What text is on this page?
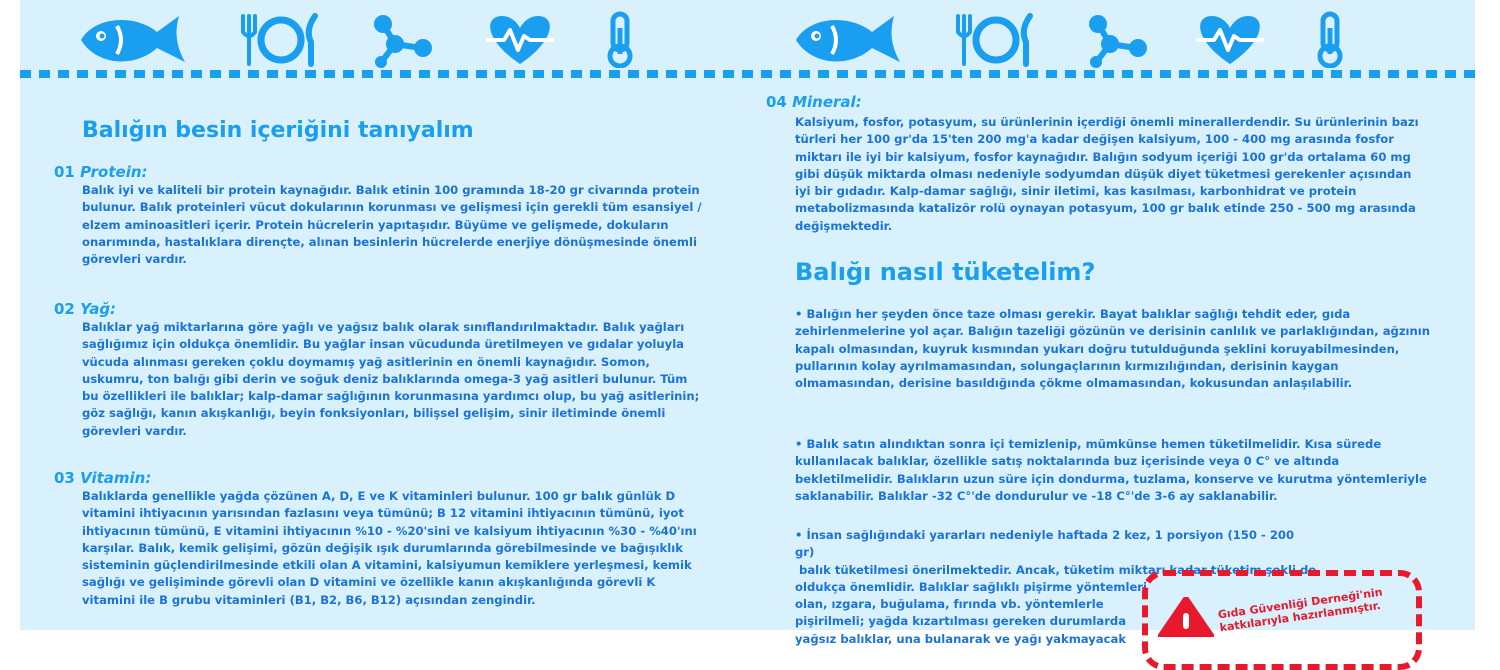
Balığın besin içeriğini tanıyalım
01 Protein:

Balık iyi ve kaliteli bir protein kaynağıdır. Balık etinin 100 gramında 18-20 gr civarında protein bulunur. Balık proteinleri vücut dokularının korunması ve gelişmesi için gerekli tüm esansiyel / elzem aminoasitleri içerir. Protein hücrelerin yapıtaşıdır. Büyüme ve gelişmede, dokuların onarımında, hastalıklara dirençte, alınan besinlerin hücrelerde enerjiye dönüşmesinde önemli görevleri vardır.

02 Yağ:

Balıklar yağ miktarlarına göre yağlı ve yağsız balık olarak sınıflandırılmaktadır. Balık yağları sağlığımız için oldukça önemlidir. Bu yağlar insan vücudunda üretilmeyen ve gıdalar yoluyla vücuda alınması gereken çoklu doymamış yağ asitlerinin en önemli kaynağıdır. Somon, uskumru, ton balığı gibi derin ve soğuk deniz balıklarında omega-3 yağ asitleri bulunur. Tüm bu özellikleri ile balıklar; kalp-damar sağlığının korunmasına yardımcı olup, bu yağ asitlerinin; göz sağlığı, kanın akışkanlığı, beyin fonksiyonları, bilişsel gelişim, sinir iletiminde önemli görevleri vardır.

03 Vitamin:

Balıklarda genellikle yağda çözünen A, D, E ve K vitaminleri bulunur. 100 gr balık günlük D vitamini ihtiyacının yarısından fazlasını veya tümünü; B 12 vitamini ihtiyacının tümünü, iyot ihtiyacının tümünü, E vitamini ihtiyacının %10 - %20'sini ve kalsiyum ihtiyacının %30 - %40'ını karşılar. Balık, kemik gelişimi, gözün değişik ışık durumlarında görebilmesinde ve bağışıklık sisteminin güçlendirilmesinde etkili olan A vitamini, kalsiyumun kemiklere yerleşmesi, kemik sağlığı ve gelişiminde görevli olan D vitamini ve özellikle kanın akışkanlığında görevli K vitamini ile B grubu vitaminleri (B1, B2, B6, B12) açısından zengindir.

04 Mineral:

Kalsiyum, fosfor, potasyum, su ürünlerinin içerdiği önemli minerallerdendir. Su ürünlerinin bazı türleri her 100 gr'da 15'ten 200 mg'a kadar değişen kalsiyum, 100 - 400 mg arasında fosfor miktarı ile iyi bir kalsiyum, fosfor kaynağıdır. Balığın sodyum içeriği 100 gr'da ortalama 60 mg gibi düşük miktarda olması nedeniyle sodyumdan düşük diyet tüketmesi gerekenler açısından iyi bir gıdadır. Kalp-damar sağlığı, sinir iletimi, kas kasılması, karbonhidrat ve protein metabolizmasında katalizör rolü oynayan potasyum, 100 gr balık etinde 250 - 500 mg arasında değişmektedir.

Balığı nasıl tüketelim?

• Balığın her şeyden önce taze olması gerekir. Bayat balıklar sağlığı tehdit eder, gıda zehirlenmelerine yol açar. Balığın tazeliği gözünün ve derisinin canlılık ve parlaklığından, ağzının kapalı olmasından, kuyruk kısmından yukarı doğru tutulduğunda şeklini koruyabilmesinden, pullarının kolay ayrılmamasından, solungaçlarının kırmızılığından, derisinin kaygan olmamasından, derisine basıldığında çökme olmamasından, kokusundan anlaşılabilir.

• Balık satın alındıktan sonra içi temizlenip, mümkünse hemen tüketilmelidir. Kısa sürede kullanılacak balıklar, özellikle satış noktalarında buz içerisinde veya 0 C° ve altında bekletilmelidir. Balıkların uzun süre için dondurma, tuzlama, konserve ve kurutma yöntemleriyle saklanabilir. Balıklar -32 C°'de dondurulur ve -18 C°'de 3-6 ay saklanabilir.

• İnsan sağlığındaki yararları nedeniyle haftada 2 kez, 1 porsiyon (150 - 200 gr)
balık tüketilmesi önerilmektedir. Ancak, tüketim miktarı kadar tüketim şekli de
oldukça önemlidir. Balıklar sağlıklı pişirme yöntemleri
olan, ızgara, buğulama, fırında vb. yöntemlerle
pişirilmeli; yağda kızartılması gereken durumlarda
yağsız balıklar, una bulanarak ve yağı yakmayacak
Gıda Güvenliği Derneği'nin katkılarıyla hazırlanmıştır.
